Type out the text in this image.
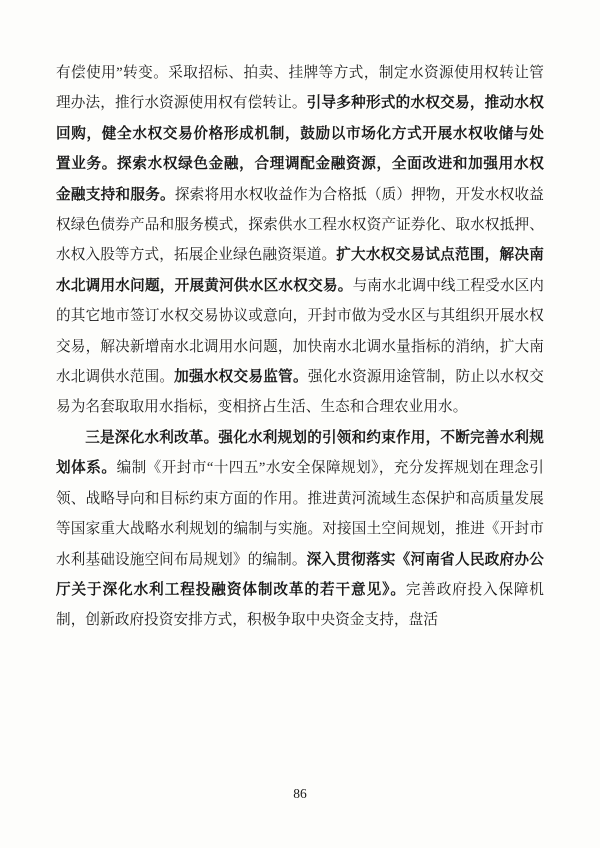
有偿使用”转变。采取招标、拍卖、挂牌等方式，制定水资源使用权转让管理办法，推行水资源使用权有偿转让。引导多种形式的水权交易，推动水权回购，健全水权交易价格形成机制，鼓励以市场化方式开展水权收储与处置业务。探索水权绿色金融，合理调配金融资源，全面改进和加强用水权金融支持和服务。探索将用水权收益作为合格抵（质）押物，开发水权收益权绿色债券产品和服务模式，探索供水工程水权资产证券化、取水权抵押、水权入股等方式，拓展企业绿色融资渠道。扩大水权交易试点范围，解决南水北调用水问题，开展黄河供水区水权交易。与南水北调中线工程受水区内的其它地市签订水权交易协议或意向，开封市做为受水区与其组织开展水权交易，解决新增南水北调用水问题，加快南水北调水量指标的消纳，扩大南水北调供水范围。加强水权交易监管。强化水资源用途管制，防止以水权交易为名套取取用水指标，变相挤占生活、生态和合理农业用水。

三是深化水利改革。强化水利规划的引领和约束作用，不断完善水利规划体系。编制《开封市“十四五”水安全保障规划》，充分发挥规划在理念引领、战略导向和目标约束方面的作用。推进黄河流域生态保护和高质量发展等国家重大战略水利规划的编制与实施。对接国土空间规划，推进《开封市水利基础设施空间布局规划》的编制。深入贯彻落实《河南省人民政府办公厅关于深化水利工程投融资体制改革的若干意见》。完善政府投入保障机制，创新政府投资安排方式，积极争取中央资金支持，盘活

86
